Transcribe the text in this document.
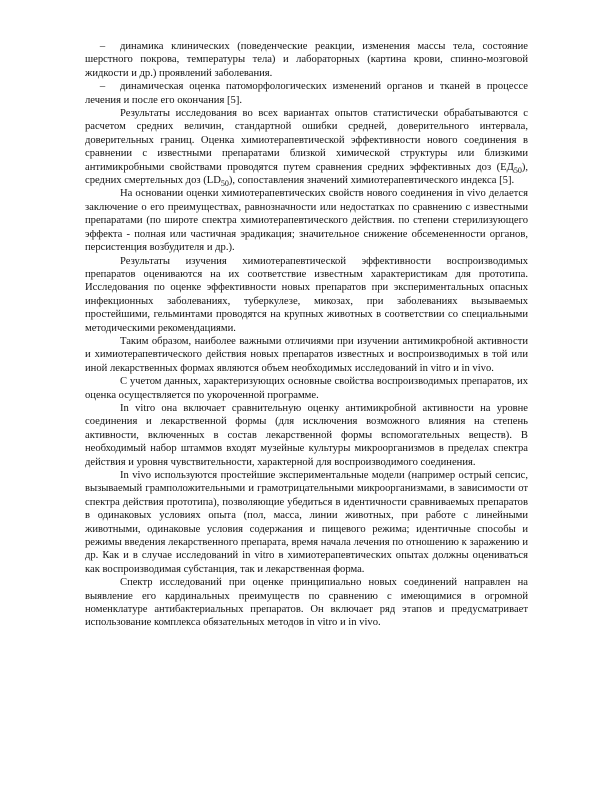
– динамика клинических (поведенческие реакции, изменения массы тела, состояние шерстного покрова, температуры тела) и лабораторных (картина крови, спинно-мозговой жидкости и др.) проявлений заболевания.

– динамическая оценка патоморфологических изменений органов и тканей в процессе лечения и после его окончания [5].

Результаты исследования во всех вариантах опытов статистически обрабатываются с расчетом средних величин, стандартной ошибки средней, доверительного интервала, доверительных границ. Оценка химиотерапевтической эффективности нового соединения в сравнении с известными препаратами близкой химической структуры или близкими антимикробными свойствами проводятся путем сравнения средних эффективных доз $(ЕД_{50})$, средних смертельных доз $(LD_{50})$, сопоставления значений химиотерапевтического индекса [5].

На основании оценки химиотерапевтических свойств нового соединения in vivo делается заключение о его преимуществах, равнозначности или недостатках по сравнению с известными препаратами (по широте спектра химиотерапевтического действия. по степени стерилизующего эффекта - полная или частичная эрадикация; значительное снижение обсемененности органов, персистенция возбудителя и др.).

Результаты изучения химиотерапевтической эффективности воспроизводимых препаратов оцениваются на их соответствие известным характеристикам для прототипа. Исследования по оценке эффективности новых препаратов при экспериментальных опасных инфекционных заболеваниях, туберкулезе, микозах, при заболеваниях вызываемых простейшими, гельминтами проводятся на крупных животных в соответствии со специальными методическими рекомендациями.

Таким образом, наиболее важными отличиями при изучении антимикробной активности и химиотерапевтического действия новых препаратов известных и воспроизводимых в той или иной лекарственных формах являются объем необходимых исследований in vitro и in vivo.

С учетом данных, характеризующих основные свойства воспроизводимых препаратов, их оценка осуществляется по укороченной программе.

In vitro она включает сравнительную оценку антимикробной активности на уровне соединения и лекарственной формы (для исключения возможного влияния на степень активности, включенных в состав лекарственной формы вспомогательных веществ). В необходимый набор штаммов входят музейные культуры микроорганизмов в пределах спектра действия и уровня чувствительности, характерной для воспроизводимого соединения.

In vivo используются простейшие экспериментальные модели (например острый сепсис, вызываемый грамположительными и грамотрицательными микроорганизмами, в зависимости от спектра действия прототипа), позволяющие убедиться в идентичности сравниваемых препаратов в одинаковых условиях опыта (пол, масса, линии животных, при работе с линейными животными, одинаковые условия содержания и пищевого режима; идентичные способы и режимы введения лекарственного препарата, время начала лечения по отношению к заражению и др. Как и в случае исследований in vitro в химиотерапевтических опытах должны оцениваться как воспроизводимая субстанция, так и лекарственная форма.

Спектр исследований при оценке принципиально новых соединений направлен на выявление его кардинальных преимуществ по сравнению с имеющимися в огромной номенклатуре антибактериальных препаратов. Он включает ряд этапов и предусматривает использование комплекса обязательных методов in vitro и in vivo.
